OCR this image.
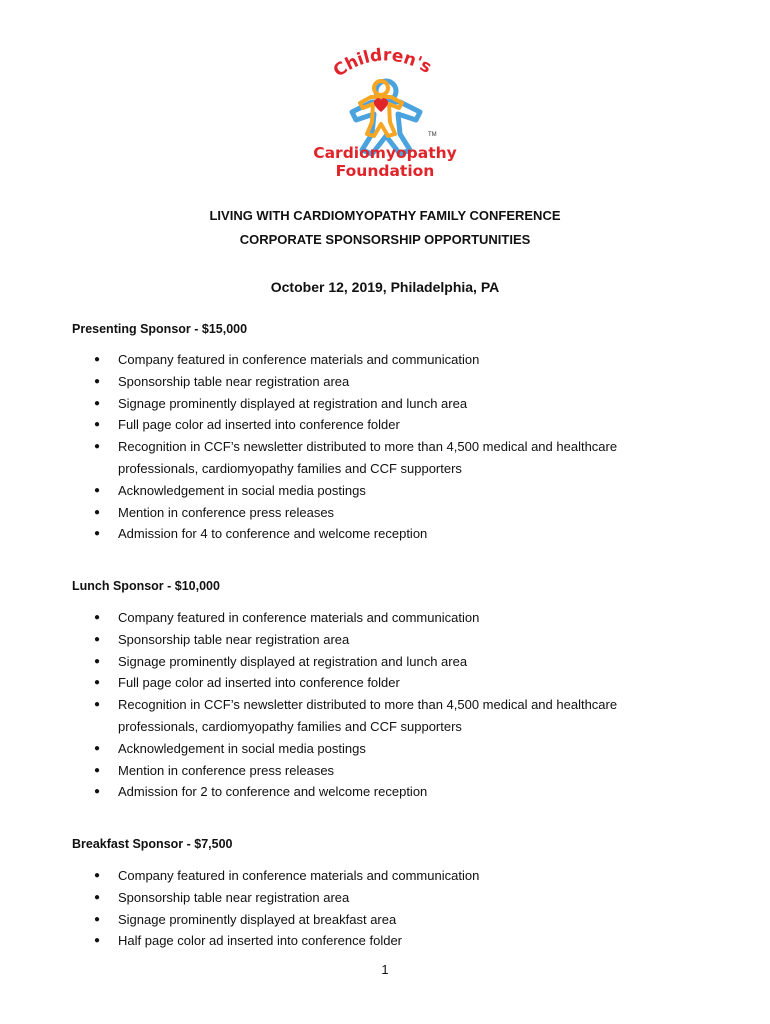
Children's
TM
Cardiomyopathy
Foundation
LIVING WITH CARDIOMYOPATHY FAMILY CONFERENCE
CORPORATE SPONSORSHIP OPPORTUNITIES
October 12, 2019, Philadelphia, PA
Presenting Sponsor - $15,000
● Company featured in conference materials and communication
● Sponsorship table near registration area
● Signage prominently displayed at registration and lunch area
● Full page color ad inserted into conference folder
● Recognition in CCF’s newsletter distributed to more than 4,500 medical and healthcare professionals, cardiomyopathy families and CCF supporters
● Acknowledgement in social media postings
● Mention in conference press releases
● Admission for 4 to conference and welcome reception
Lunch Sponsor - $10,000
● Company featured in conference materials and communication
● Sponsorship table near registration area
● Signage prominently displayed at registration and lunch area
● Full page color ad inserted into conference folder
● Recognition in CCF’s newsletter distributed to more than 4,500 medical and healthcare professionals, cardiomyopathy families and CCF supporters
● Acknowledgement in social media postings
● Mention in conference press releases
● Admission for 2 to conference and welcome reception
Breakfast Sponsor - $7,500
● Company featured in conference materials and communication
● Sponsorship table near registration area
● Signage prominently displayed at breakfast area
● Half page color ad inserted into conference folder
1
